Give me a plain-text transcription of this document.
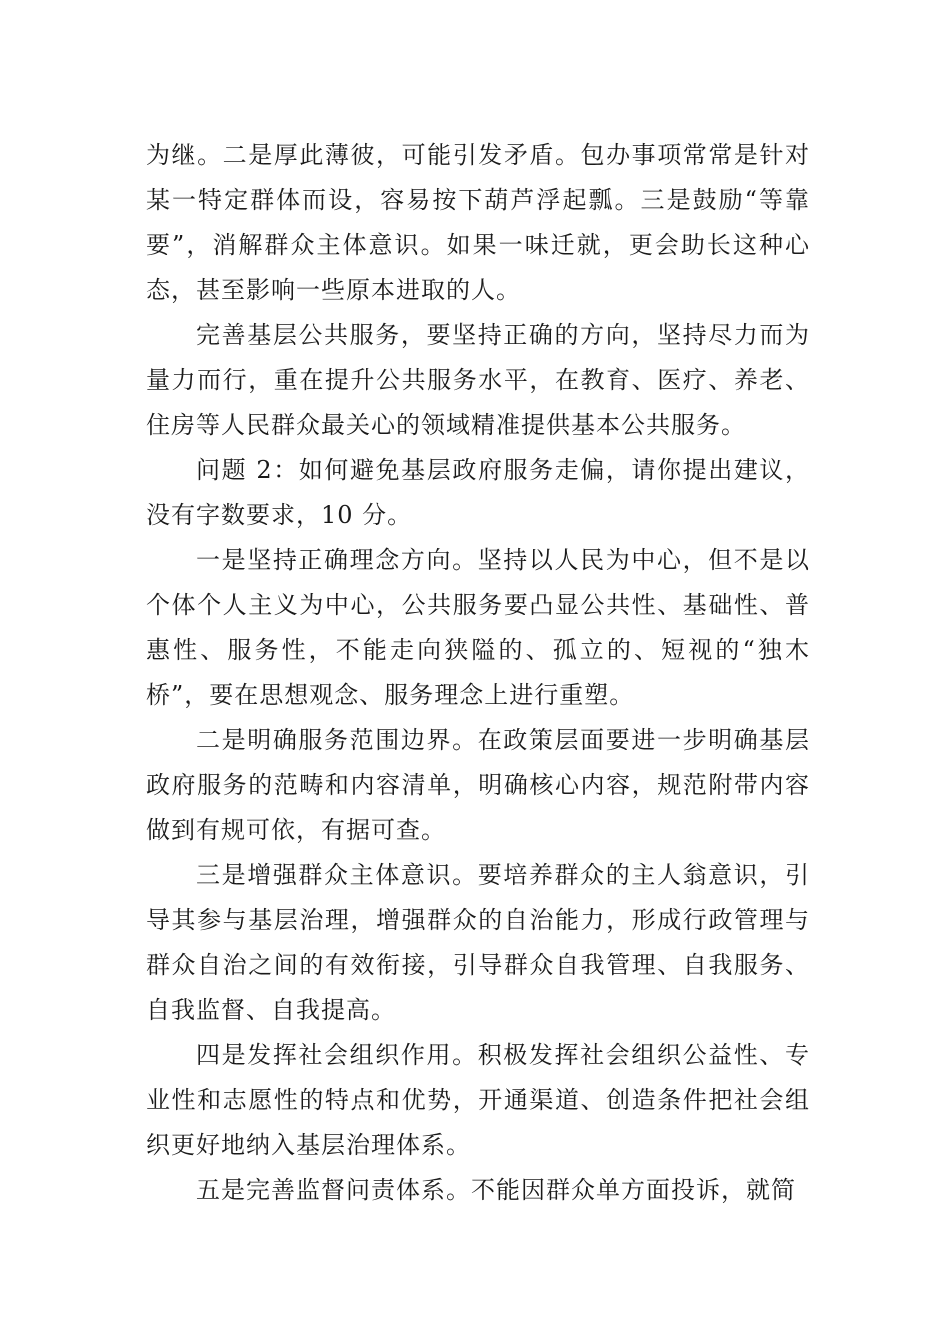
为继。二是厚此薄彼，可能引发矛盾。包办事项常常是针对某一特定群体而设，容易按下葫芦浮起瓢。三是鼓励“等靠要”，消解群众主体意识。如果一味迁就，更会助长这种心态，甚至影响一些原本进取的人。

完善基层公共服务，要坚持正确的方向，坚持尽力而为量力而行，重在提升公共服务水平，在教育、医疗、养老、住房等人民群众最关心的领域精准提供基本公共服务。

问题 2：如何避免基层政府服务走偏，请你提出建议，没有字数要求，10 分。

一是坚持正确理念方向。坚持以人民为中心，但不是以个体个人主义为中心，公共服务要凸显公共性、基础性、普惠性、服务性，不能走向狭隘的、孤立的、短视的“独木桥”，要在思想观念、服务理念上进行重塑。

二是明确服务范围边界。在政策层面要进一步明确基层政府服务的范畴和内容清单，明确核心内容，规范附带内容做到有规可依，有据可查。

三是增强群众主体意识。要培养群众的主人翁意识，引导其参与基层治理，增强群众的自治能力，形成行政管理与群众自治之间的有效衔接，引导群众自我管理、自我服务、自我监督、自我提高。

四是发挥社会组织作用。积极发挥社会组织公益性、专业性和志愿性的特点和优势，开通渠道、创造条件把社会组织更好地纳入基层治理体系。

五是完善监督问责体系。不能因群众单方面投诉，就简
